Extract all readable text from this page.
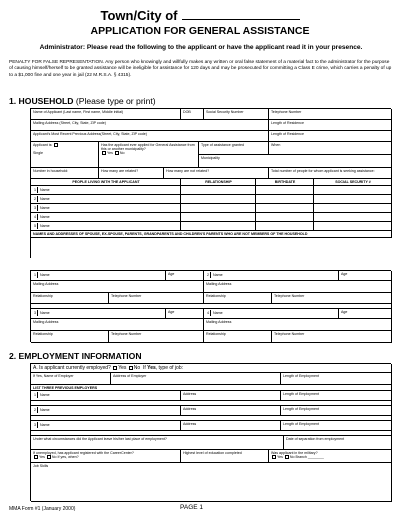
Town/City of
APPLICATION FOR GENERAL ASSISTANCE
Administrator: Please read the following to the applicant or have the applicant read it in your presence.
PENALTY FOR FALSE REPRESENTATION. Any person who knowingly and willfully makes any written or oral false statement of a material fact to the administrator for the purpose of causing himself/herself to be granted assistance will be ineligible for assistance for 120 days and may be prosecuted for committing a Class E crime, which carries a penalty of up to a $1,000 fine and one year in jail (22 M.R.S.A. § 4315).
1. HOUSEHOLD (Please type or print)
Name of Applicant (Last name, First name, Middle initial)	DOB	Social Security Number	Telephone Number
Mailing Address (Street, City, State, ZIP code)	Length of Residence
Applicant's Most Recent Previous Address(Street, City, State, ZIP code)	Length of Residence
Applicant is:

Single
Has the applicant ever applied for General Assistance from this or another municipality?
Yes No
Type of assistance granted	When
Municipality
Number in household:	How many are related?	How many are not related?	Total number of people for whom applicant is seeking assistance:
PEOPLE LIVING WITH THE APPLICANT	RELATIONSHIP	BIRTHDATE	SOCIAL SECURITY #
1 Name
2 Name
3 Name
4 Name
5 Name
NAMES AND ADDRESSES OF SPOUSE, EX-SPOUSE, PARENTS, GRANDPARENTS AND CHILDREN'S PARENTS WHO ARE NOT MEMBERS OF THE HOUSEHOLD
1 Name	Age	2 Name	Age
Mailing Address	Mailing Address
Relationship	Telephone Number	Relationship	Telephone Number
3 Name	Age	4 Name	Age
Mailing Address	Mailing Address
Relationship	Telephone Number	Relationship	Telephone Number
2. EMPLOYMENT INFORMATION
A. Is applicant currently employed? Yes No If Yes, type of job:
If Yes, Name of Employer	Address of Employer	Length of Employment
LIST THREE PREVIOUS EMPLOYERS
1 Name	Address	Length of Employment
2 Name	Address	Length of Employment
3 Name	Address	Length of Employment
Under what circumstances did the Applicant leave his/her last place of employment?	Date of separation from employment
If unemployed, has applicant registered with the CareerCenter?
Yes No If yes, when?
Highest level of education completed	Was applicant in the military?
Yes No Branch ________
Job Skills
MMA Form #1 (January 2000)	PAGE 1
